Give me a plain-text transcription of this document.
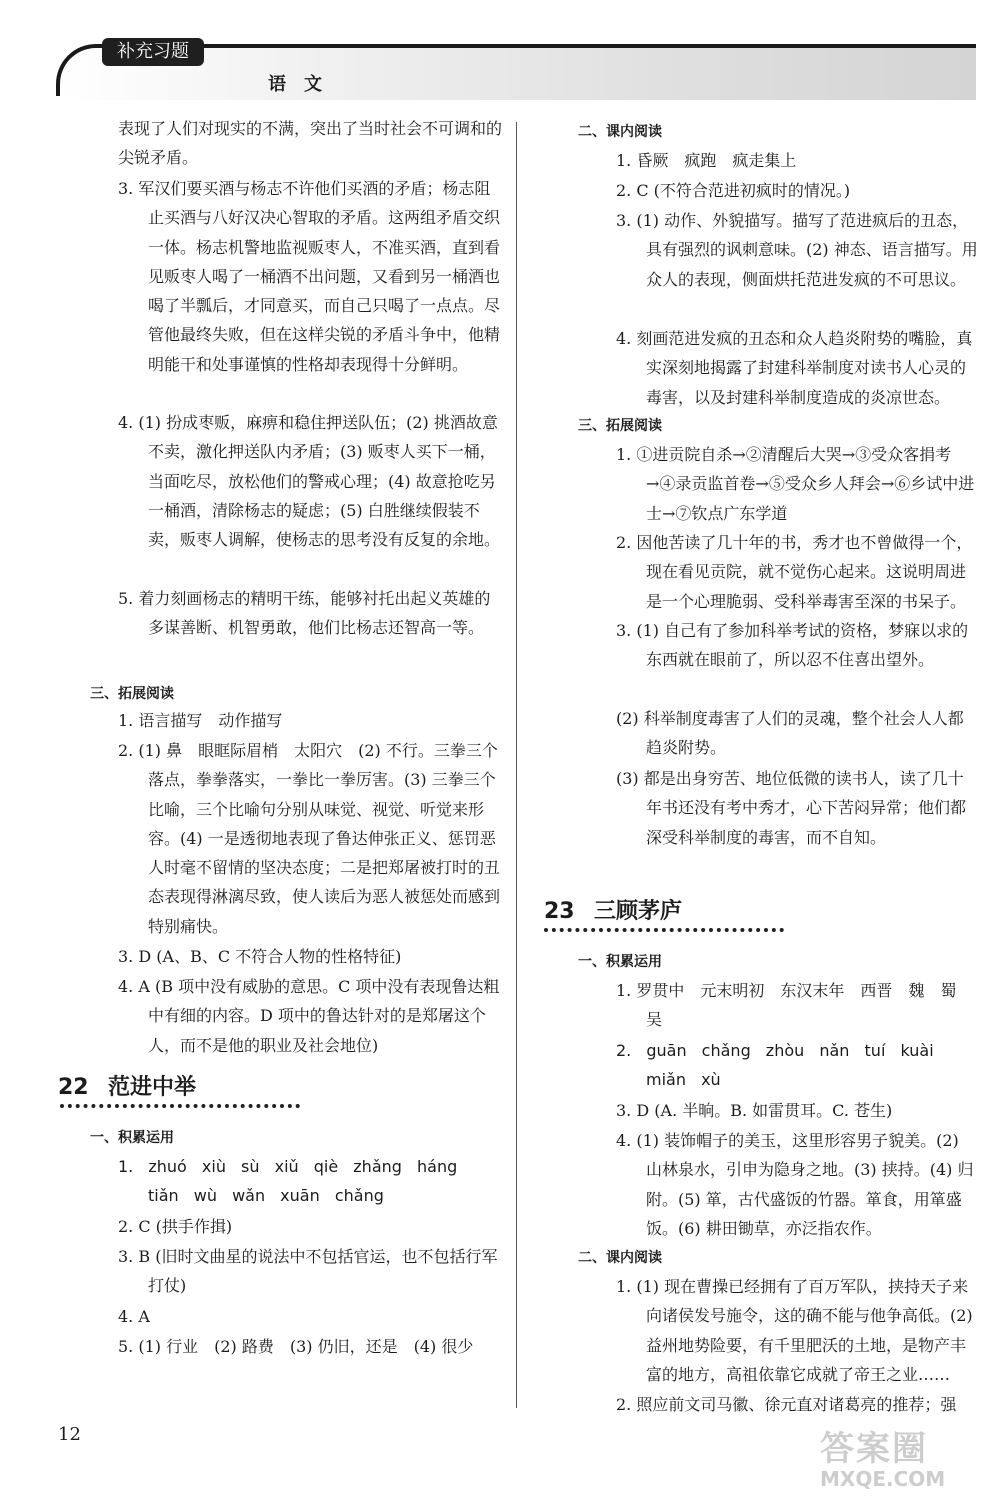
补充习题
语文
表现了人们对现实的不满，突出了当时社会不可调和的尖锐矛盾。
3. 军汉们要买酒与杨志不许他们买酒的矛盾；杨志阻止买酒与八好汉决心智取的矛盾。这两组矛盾交织一体。杨志机警地监视贩枣人，不准买酒，直到看见贩枣人喝了一桶酒不出问题，又看到另一桶酒也喝了半瓢后，才同意买，而自己只喝了一点点。尽管他最终失败，但在这样尖锐的矛盾斗争中，他精明能干和处事谨慎的性格却表现得十分鲜明。
4. (1) 扮成枣贩，麻痹和稳住押送队伍；(2) 挑酒故意不卖，激化押送队内矛盾；(3) 贩枣人买下一桶，当面吃尽，放松他们的警戒心理；(4) 故意抢吃另一桶酒，清除杨志的疑虑；(5) 白胜继续假装不卖，贩枣人调解，使杨志的思考没有反复的余地。
5. 着力刻画杨志的精明干练，能够衬托出起义英雄的多谋善断、机智勇敢，他们比杨志还智高一等。
三、拓展阅读
1. 语言描写　动作描写
2. (1) 鼻　眼眶际眉梢　太阳穴　(2) 不行。三拳三个落点，拳拳落实，一拳比一拳厉害。(3) 三拳三个比喻，三个比喻句分别从味觉、视觉、听觉来形容。(4) 一是透彻地表现了鲁达伸张正义、惩罚恶人时毫不留情的坚决态度；二是把郑屠被打时的丑态表现得淋漓尽致，使人读后为恶人被惩处而感到特别痛快。
3. D (A、B、C 不符合人物的性格特征)
4. A (B 项中没有威胁的意思。C 项中没有表现鲁达粗中有细的内容。D 项中的鲁达针对的是郑屠这个人，而不是他的职业及社会地位)
22 范进中举
一、积累运用
1. zhuó xiù sù xiǔ qiè zhǎng háng tiǎn wù wǎn xuān chǎng
2. C (拱手作揖)
3. B (旧时文曲星的说法中不包括官运，也不包括行军打仗)
4. A
5. (1) 行业　(2) 路费　(3) 仍旧，还是　(4) 很少
二、课内阅读
1. 昏厥　疯跑　疯走集上
2. C (不符合范进初疯时的情况。)
3. (1) 动作、外貌描写。描写了范进疯后的丑态，具有强烈的讽刺意味。(2) 神态、语言描写。用众人的表现，侧面烘托范进发疯的不可思议。
4. 刻画范进发疯的丑态和众人趋炎附势的嘴脸，真实深刻地揭露了封建科举制度对读书人心灵的毒害，以及封建科举制度造成的炎凉世态。
三、拓展阅读
1. ①进贡院自杀→②清醒后大哭→③受众客捐考→④录贡监首卷→⑤受众乡人拜会→⑥乡试中进士→⑦钦点广东学道
2. 因他苦读了几十年的书，秀才也不曾做得一个，现在看见贡院，就不觉伤心起来。这说明周进是一个心理脆弱、受科举毒害至深的书呆子。
3. (1) 自己有了参加科举考试的资格，梦寐以求的东西就在眼前了，所以忍不住喜出望外。
(2) 科举制度毒害了人们的灵魂，整个社会人人都趋炎附势。
(3) 都是出身穷苦、地位低微的读书人，读了几十年书还没有考中秀才，心下苦闷异常；他们都深受科举制度的毒害，而不自知。
23 三顾茅庐
一、积累运用
1. 罗贯中　元末明初　东汉末年　西晋　魏　蜀　吴
2. guān chǎng zhòu nǎn tuí kuài miǎn xù
3. D (A. 半晌。B. 如雷贯耳。C. 苍生)
4. (1) 装饰帽子的美玉，这里形容男子貌美。(2) 山林泉水，引申为隐身之地。(3) 挟持。(4) 归附。(5) 箪，古代盛饭的竹器。箪食，用箪盛饭。(6) 耕田锄草，亦泛指农作。
二、课内阅读
1. (1) 现在曹操已经拥有了百万军队，挟持天子来向诸侯发号施令，这的确不能与他争高低。(2) 益州地势险要，有千里肥沃的土地，是物产丰富的地方，高祖依靠它成就了帝王之业……
2. 照应前文司马徽、徐元直对诸葛亮的推荐；强
12	答案圈
MXQE.COM
